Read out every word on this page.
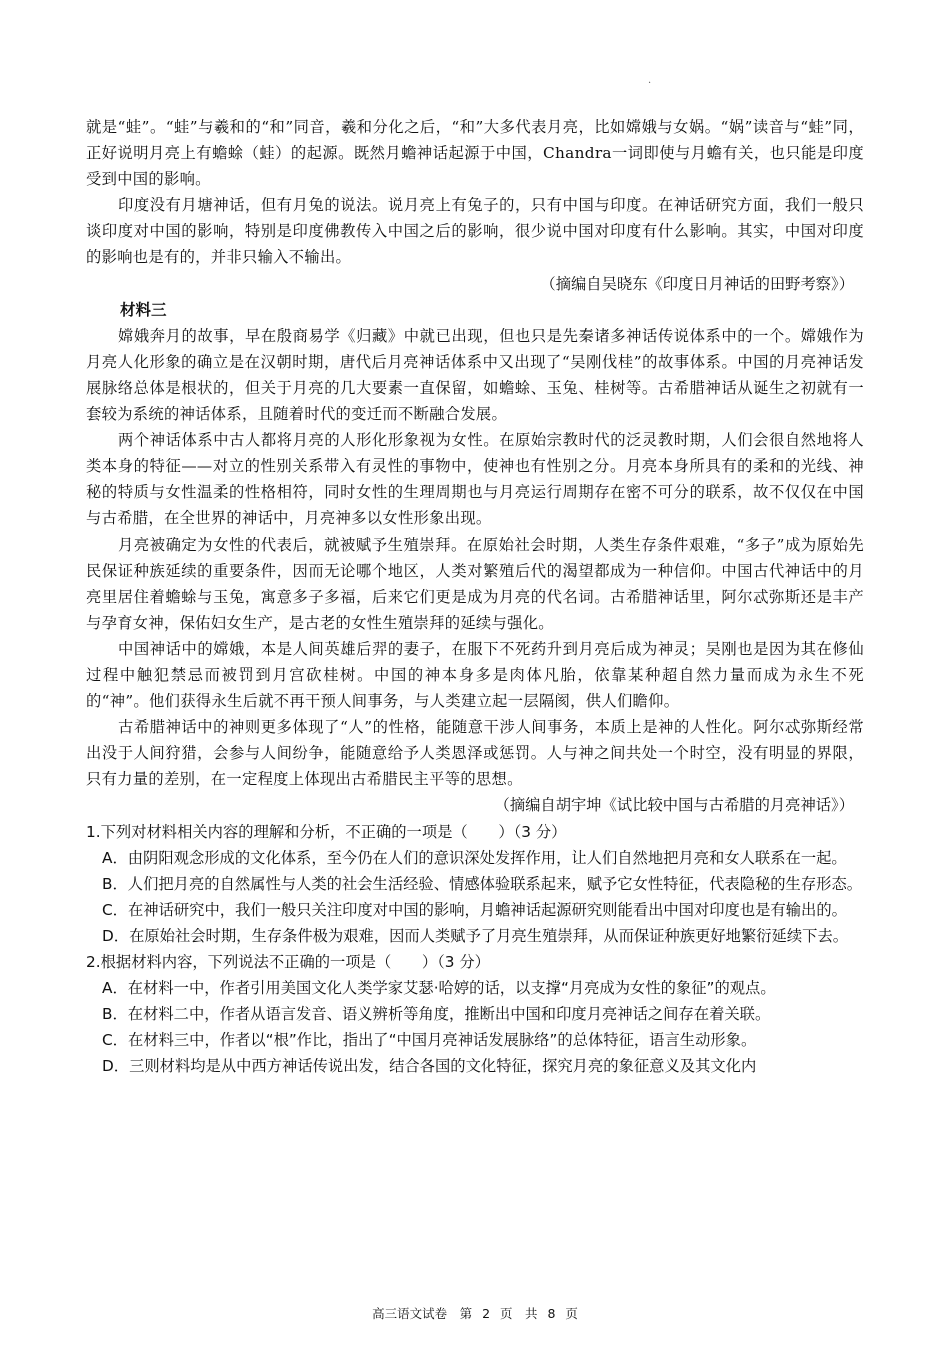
·

就是“蛙”。“蛙”与羲和的“和”同音，羲和分化之后，“和”大多代表月亮，比如嫦娥与女娲。“娲”读音与“蛙”同，正好说明月亮上有蟾蜍（蛙）的起源。既然月蟾神话起源于中国，Chandra一词即使与月蟾有关，也只能是印度受到中国的影响。

印度没有月塘神话，但有月兔的说法。说月亮上有兔子的，只有中国与印度。在神话研究方面，我们一般只谈印度对中国的影响，特别是印度佛教传入中国之后的影响，很少说中国对印度有什么影响。其实，中国对印度的影响也是有的，并非只输入不输出。

（摘编自吴晓东《印度日月神话的田野考察》）

材料三

嫦娥奔月的故事，早在殷商易学《归藏》中就已出现，但也只是先秦诸多神话传说体系中的一个。嫦娥作为月亮人化形象的确立是在汉朝时期，唐代后月亮神话体系中又出现了“吴刚伐桂”的故事体系。中国的月亮神话发展脉络总体是根状的，但关于月亮的几大要素一直保留，如蟾蜍、玉兔、桂树等。古希腊神话从诞生之初就有一套较为系统的神话体系，且随着时代的变迁而不断融合发展。

两个神话体系中古人都将月亮的人形化形象视为女性。在原始宗教时代的泛灵教时期，人们会很自然地将人类本身的特征——对立的性别关系带入有灵性的事物中，使神也有性别之分。月亮本身所具有的柔和的光线、神秘的特质与女性温柔的性格相符，同时女性的生理周期也与月亮运行周期存在密不可分的联系，故不仅仅在中国与古希腊，在全世界的神话中，月亮神多以女性形象出现。

月亮被确定为女性的代表后，就被赋予生殖崇拜。在原始社会时期，人类生存条件艰难，“多子”成为原始先民保证种族延续的重要条件，因而无论哪个地区，人类对繁殖后代的渴望都成为一种信仰。中国古代神话中的月亮里居住着蟾蜍与玉兔，寓意多子多福，后来它们更是成为月亮的代名词。古希腊神话里，阿尔忒弥斯还是丰产与孕育女神，保佑妇女生产，是古老的女性生殖崇拜的延续与强化。

中国神话中的嫦娥，本是人间英雄后羿的妻子，在服下不死药升到月亮后成为神灵；吴刚也是因为其在修仙过程中触犯禁忌而被罚到月宫砍桂树。中国的神本身多是肉体凡胎，依靠某种超自然力量而成为永生不死的“神”。他们获得永生后就不再干预人间事务，与人类建立起一层隔阂，供人们瞻仰。

古希腊神话中的神则更多体现了“人”的性格，能随意干涉人间事务，本质上是神的人性化。阿尔忒弥斯经常出没于人间狩猎，会参与人间纷争，能随意给予人类恩泽或惩罚。人与神之间共处一个时空，没有明显的界限，只有力量的差别，在一定程度上体现出古希腊民主平等的思想。

（摘编自胡宇坤《试比较中国与古希腊的月亮神话》）

1.下列对材料相关内容的理解和分析，不正确的一项是（　　）（3 分）

A．由阴阳观念形成的文化体系，至今仍在人们的意识深处发挥作用，让人们自然地把月亮和女人联系在一起。

B．人们把月亮的自然属性与人类的社会生活经验、情感体验联系起来，赋予它女性特征，代表隐秘的生存形态。

C．在神话研究中，我们一般只关注印度对中国的影响，月蟾神话起源研究则能看出中国对印度也是有输出的。

D．在原始社会时期，生存条件极为艰难，因而人类赋予了月亮生殖崇拜，从而保证种族更好地繁衍延续下去。

2.根据材料内容，下列说法不正确的一项是（　　）（3 分）

A．在材料一中，作者引用美国文化人类学家艾瑟·哈婷的话，以支撑“月亮成为女性的象征”的观点。

B．在材料二中，作者从语言发音、语义辨析等角度，推断出中国和印度月亮神话之间存在着关联。

C．在材料三中，作者以“根”作比，指出了“中国月亮神话发展脉络”的总体特征，语言生动形象。

D．三则材料均是从中西方神话传说出发，结合各国的文化特征，探究月亮的象征意义及其文化内

高三语文试卷　第 2 页　共 8 页
